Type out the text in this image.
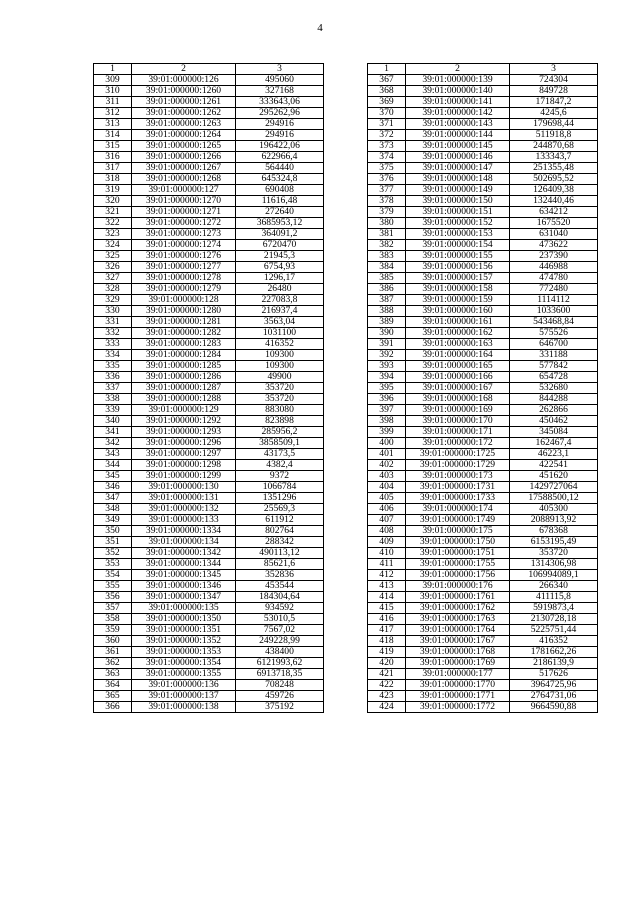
4
1	2	3
309	39:01:000000:126	495060
310	39:01:000000:1260	327168
311	39:01:000000:1261	333643,06
312	39:01:000000:1262	295262,96
313	39:01:000000:1263	294916
314	39:01:000000:1264	294916
315	39:01:000000:1265	196422,06
316	39:01:000000:1266	622966,4
317	39:01:000000:1267	564440
318	39:01:000000:1268	645324,8
319	39:01:000000:127	690408
320	39:01:000000:1270	11616,48
321	39:01:000000:1271	272640
322	39:01:000000:1272	3685953,12
323	39:01:000000:1273	364091,2
324	39:01:000000:1274	6720470
325	39:01:000000:1276	21945,3
326	39:01:000000:1277	6754,93
327	39:01:000000:1278	1296,17
328	39:01:000000:1279	26480
329	39:01:000000:128	227083,8
330	39:01:000000:1280	216937,4
331	39:01:000000:1281	3563,04
332	39:01:000000:1282	1031100
333	39:01:000000:1283	416352
334	39:01:000000:1284	109300
335	39:01:000000:1285	109300
336	39:01:000000:1286	49900
337	39:01:000000:1287	353720
338	39:01:000000:1288	353720
339	39:01:000000:129	883080
340	39:01:000000:1292	823898
341	39:01:000000:1293	285956,2
342	39:01:000000:1296	3858509,1
343	39:01:000000:1297	43173,5
344	39:01:000000:1298	4382,4
345	39:01:000000:1299	9372
346	39:01:000000:130	1066784
347	39:01:000000:131	1351296
348	39:01:000000:132	25569,3
349	39:01:000000:133	611912
350	39:01:000000:1334	802764
351	39:01:000000:134	288342
352	39:01:000000:1342	490113,12
353	39:01:000000:1344	85621,6
354	39:01:000000:1345	352836
355	39:01:000000:1346	453544
356	39:01:000000:1347	184304,64
357	39:01:000000:135	934592
358	39:01:000000:1350	53010,5
359	39:01:000000:1351	7567,02
360	39:01:000000:1352	249228,99
361	39:01:000000:1353	438400
362	39:01:000000:1354	6121993,62
363	39:01:000000:1355	6913718,35
364	39:01:000000:136	708248
365	39:01:000000:137	459726
366	39:01:000000:138	375192
1	2	3
367	39:01:000000:139	724304
368	39:01:000000:140	849728
369	39:01:000000:141	171847,2
370	39:01:000000:142	4245,6
371	39:01:000000:143	179698,44
372	39:01:000000:144	511918,8
373	39:01:000000:145	244870,68
374	39:01:000000:146	133343,7
375	39:01:000000:147	251355,48
376	39:01:000000:148	502695,52
377	39:01:000000:149	126409,38
378	39:01:000000:150	132440,46
379	39:01:000000:151	634212
380	39:01:000000:152	1675520
381	39:01:000000:153	631040
382	39:01:000000:154	473622
383	39:01:000000:155	237390
384	39:01:000000:156	446988
385	39:01:000000:157	474780
386	39:01:000000:158	772480
387	39:01:000000:159	1114112
388	39:01:000000:160	1033600
389	39:01:000000:161	543468,84
390	39:01:000000:162	575526
391	39:01:000000:163	646700
392	39:01:000000:164	331188
393	39:01:000000:165	577842
394	39:01:000000:166	654728
395	39:01:000000:167	532680
396	39:01:000000:168	844288
397	39:01:000000:169	262866
398	39:01:000000:170	450462
399	39:01:000000:171	345084
400	39:01:000000:172	162467,4
401	39:01:000000:1725	46223,1
402	39:01:000000:1729	422541
403	39:01:000000:173	451620
404	39:01:000000:1731	1429727064
405	39:01:000000:1733	17588500,12
406	39:01:000000:174	405300
407	39:01:000000:1749	2088913,92
408	39:01:000000:175	678368
409	39:01:000000:1750	6153195,49
410	39:01:000000:1751	353720
411	39:01:000000:1755	1314306,98
412	39:01:000000:1756	106994089,1
413	39:01:000000:176	266340
414	39:01:000000:1761	411115,8
415	39:01:000000:1762	5919873,4
416	39:01:000000:1763	2130728,18
417	39:01:000000:1764	5225751,44
418	39:01:000000:1767	416352
419	39:01:000000:1768	1781662,26
420	39:01:000000:1769	2186139,9
421	39:01:000000:177	517626
422	39:01:000000:1770	3964725,96
423	39:01:000000:1771	2764731,06
424	39:01:000000:1772	9664590,88
